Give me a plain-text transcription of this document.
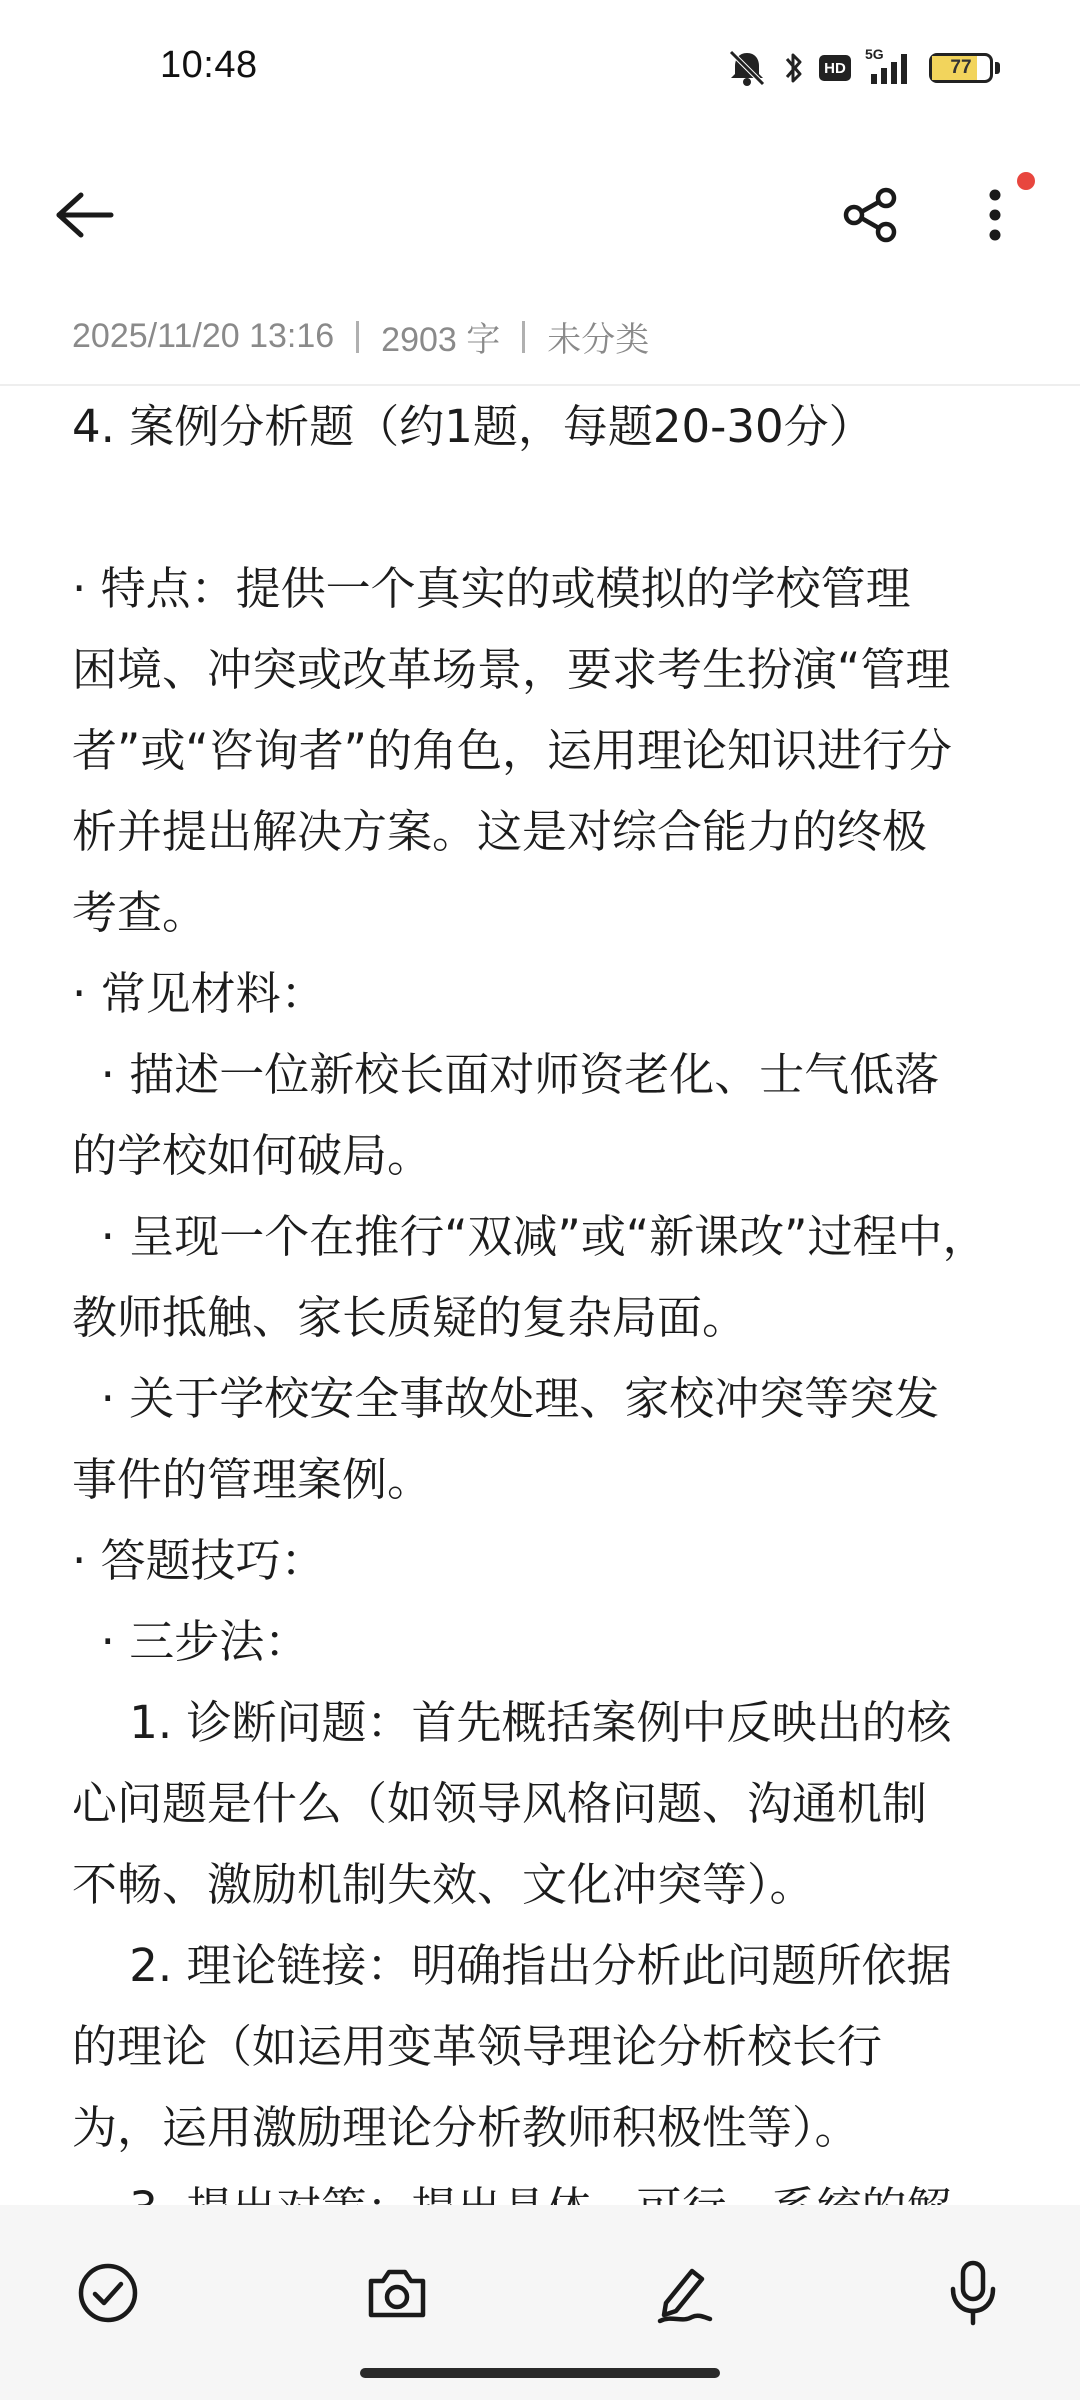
10:48	HD
5G
77
2025/11/20 13:16 2903 字 未分类
4. 案例分析题（约1题，每题20-30分）
· 特点：提供一个真实的或模拟的学校管理
困境、冲突或改革场景，要求考生扮演“管理
者”或“咨询者”的角色，运用理论知识进行分
析并提出解决方案。这是对综合能力的终极
考查。
· 常见材料：
· 描述一位新校长面对师资老化、士气低落
的学校如何破局。
· 呈现一个在推行“双减”或“新课改”过程中，
教师抵触、家长质疑的复杂局面。
· 关于学校安全事故处理、家校冲突等突发
事件的管理案例。
· 答题技巧：
· 三步法：
1. 诊断问题：首先概括案例中反映出的核
心问题是什么（如领导风格问题、沟通机制
不畅、激励机制失效、文化冲突等）。
2. 理论链接：明确指出分析此问题所依据
的理论（如运用变革领导理论分析校长行
为，运用激励理论分析教师积极性等）。
